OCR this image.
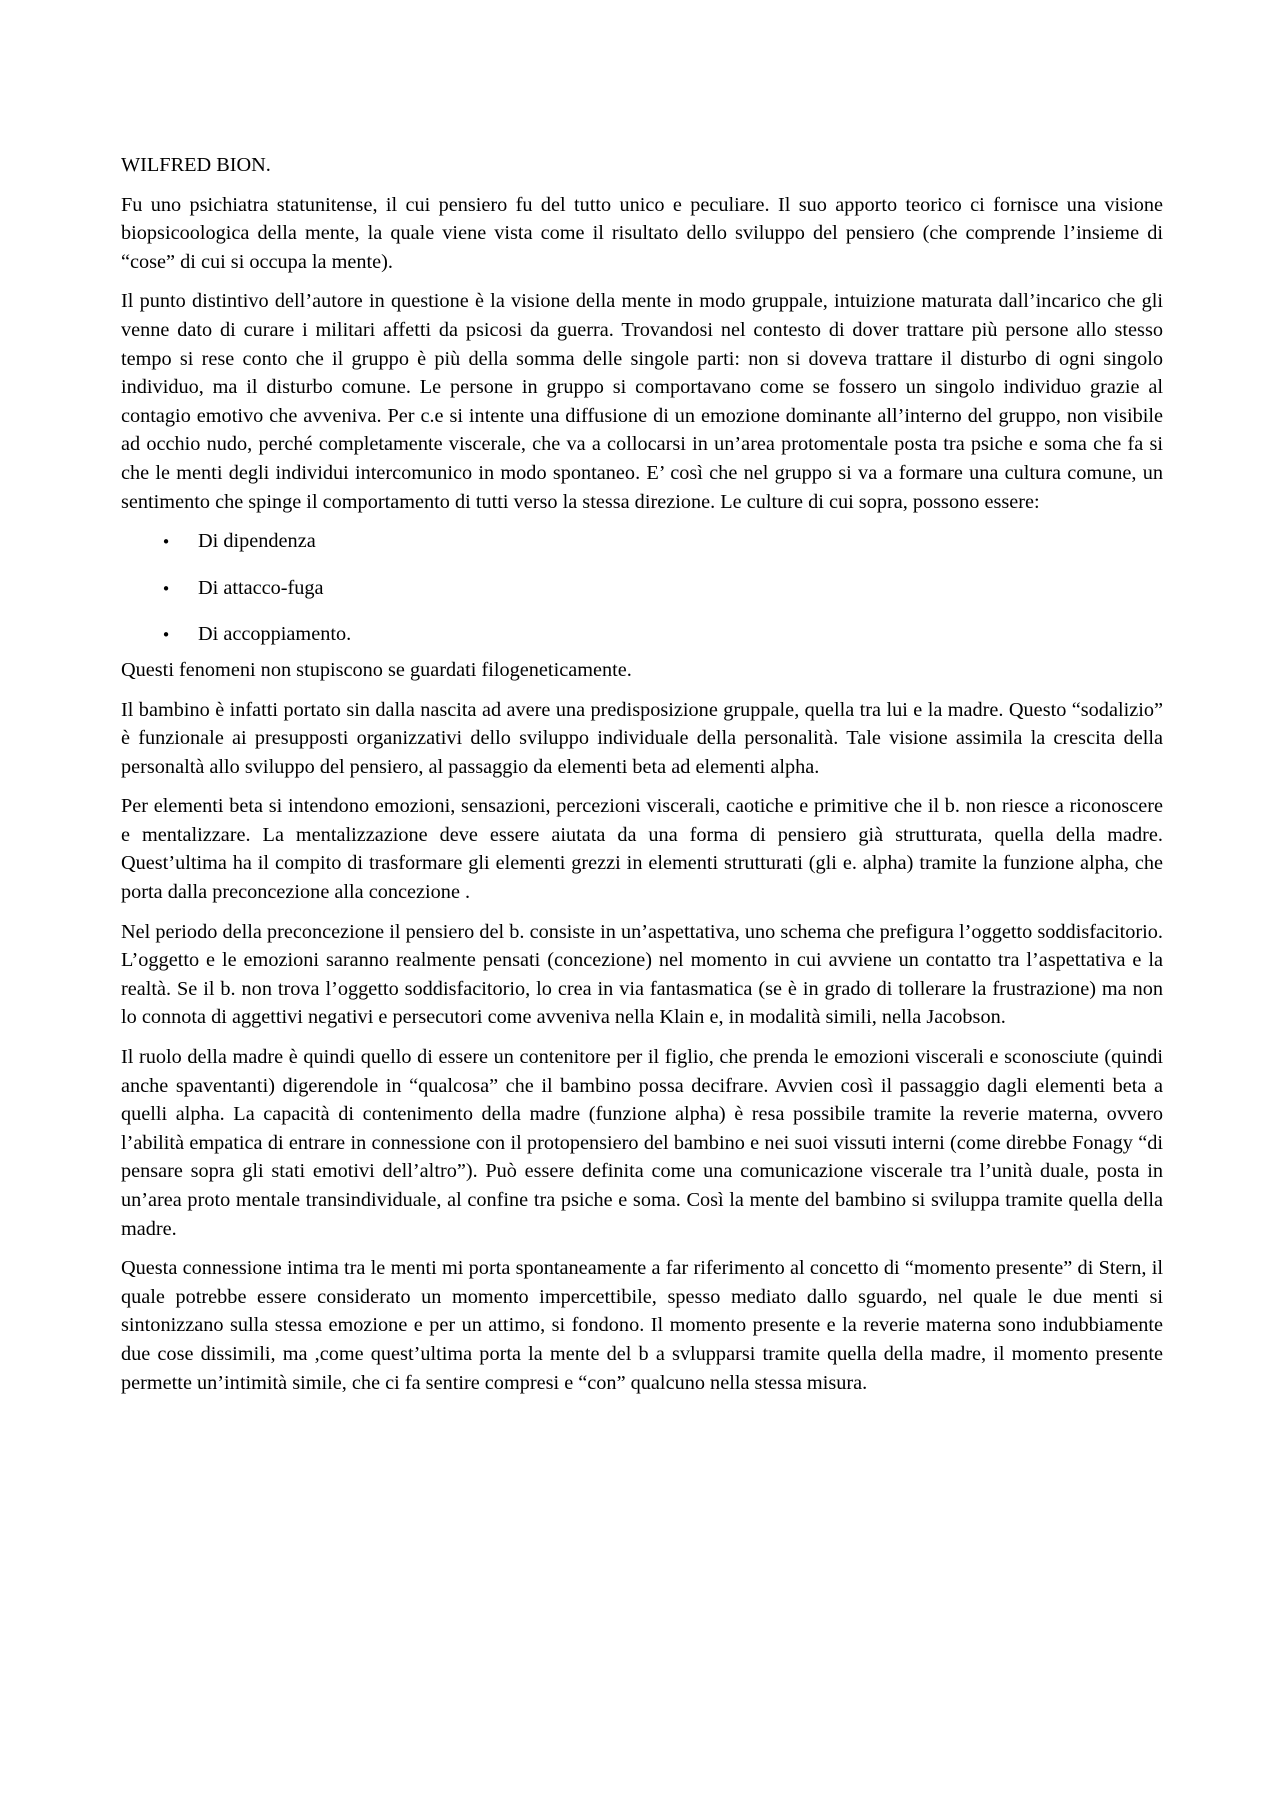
WILFRED BION.

Fu uno psichiatra statunitense, il cui pensiero fu del tutto unico e peculiare. Il suo apporto teorico ci fornisce una visione biopsicoologica della mente, la quale viene vista come il risultato dello sviluppo del pensiero (che comprende l’insieme di “cose” di cui si occupa la mente).

Il punto distintivo dell’autore in questione è la visione della mente in modo gruppale, intuizione maturata dall’incarico che gli venne dato di curare i militari affetti da psicosi da guerra. Trovandosi nel contesto di dover trattare più persone allo stesso tempo si rese conto che il gruppo è più della somma delle singole parti: non si doveva trattare il disturbo di ogni singolo individuo, ma il disturbo comune. Le persone in gruppo si comportavano come se fossero un singolo individuo grazie al contagio emotivo che avveniva. Per c.e si intente una diffusione di un emozione dominante all’interno del gruppo, non visibile ad occhio nudo, perché completamente viscerale, che va a collocarsi in un’area protomentale posta tra psiche e soma che fa si che le menti degli individui intercomunico in modo spontaneo. E’ così che nel gruppo si va a formare una cultura comune, un sentimento che spinge il comportamento di tutti verso la stessa direzione. Le culture di cui sopra, possono essere:

•
Di dipendenza
•
Di attacco-fuga
•
Di accoppiamento.

Questi fenomeni non stupiscono se guardati filogeneticamente.

Il bambino è infatti portato sin dalla nascita ad avere una predisposizione gruppale, quella tra lui e la madre. Questo “sodalizio” è funzionale ai presupposti organizzativi dello sviluppo individuale della personalità. Tale visione assimila la crescita della personaltà allo sviluppo del pensiero, al passaggio da elementi beta ad elementi alpha.

Per elementi beta si intendono emozioni, sensazioni, percezioni viscerali, caotiche e primitive che il b. non riesce a riconoscere e mentalizzare. La mentalizzazione deve essere aiutata da una forma di pensiero già strutturata, quella della madre. Quest’ultima ha il compito di trasformare gli elementi grezzi in elementi strutturati (gli e. alpha) tramite la funzione alpha, che porta dalla preconcezione alla concezione .

Nel periodo della preconcezione il pensiero del b. consiste in un’aspettativa, uno schema che prefigura l’oggetto soddisfacitorio. L’oggetto e le emozioni saranno realmente pensati (concezione) nel momento in cui avviene un contatto tra l’aspettativa e la realtà. Se il b. non trova l’oggetto soddisfacitorio, lo crea in via fantasmatica (se è in grado di tollerare la frustrazione) ma non lo connota di aggettivi negativi e persecutori come avveniva nella Klain e, in modalità simili, nella Jacobson.

Il ruolo della madre è quindi quello di essere un contenitore per il figlio, che prenda le emozioni viscerali e sconosciute (quindi anche spaventanti) digerendole in “qualcosa” che il bambino possa decifrare. Avvien così il passaggio dagli elementi beta a quelli alpha. La capacità di contenimento della madre (funzione alpha) è resa possibile tramite la reverie materna, ovvero l’abilità empatica di entrare in connessione con il protopensiero del bambino e nei suoi vissuti interni (come direbbe Fonagy “di pensare sopra gli stati emotivi dell’altro”). Può essere definita come una comunicazione viscerale tra l’unità duale, posta in un’area proto mentale transindividuale, al confine tra psiche e soma. Così la mente del bambino si sviluppa tramite quella della madre.

Questa connessione intima tra le menti mi porta spontaneamente a far riferimento al concetto di “momento presente” di Stern, il quale potrebbe essere considerato un momento impercettibile, spesso mediato dallo sguardo, nel quale le due menti si sintonizzano sulla stessa emozione e per un attimo, si fondono. Il momento presente e la reverie materna sono indubbiamente due cose dissimili, ma ,come quest’ultima porta la mente del b a svlupparsi tramite quella della madre, il momento presente permette un’intimità simile, che ci fa sentire compresi e “con” qualcuno nella stessa misura.
